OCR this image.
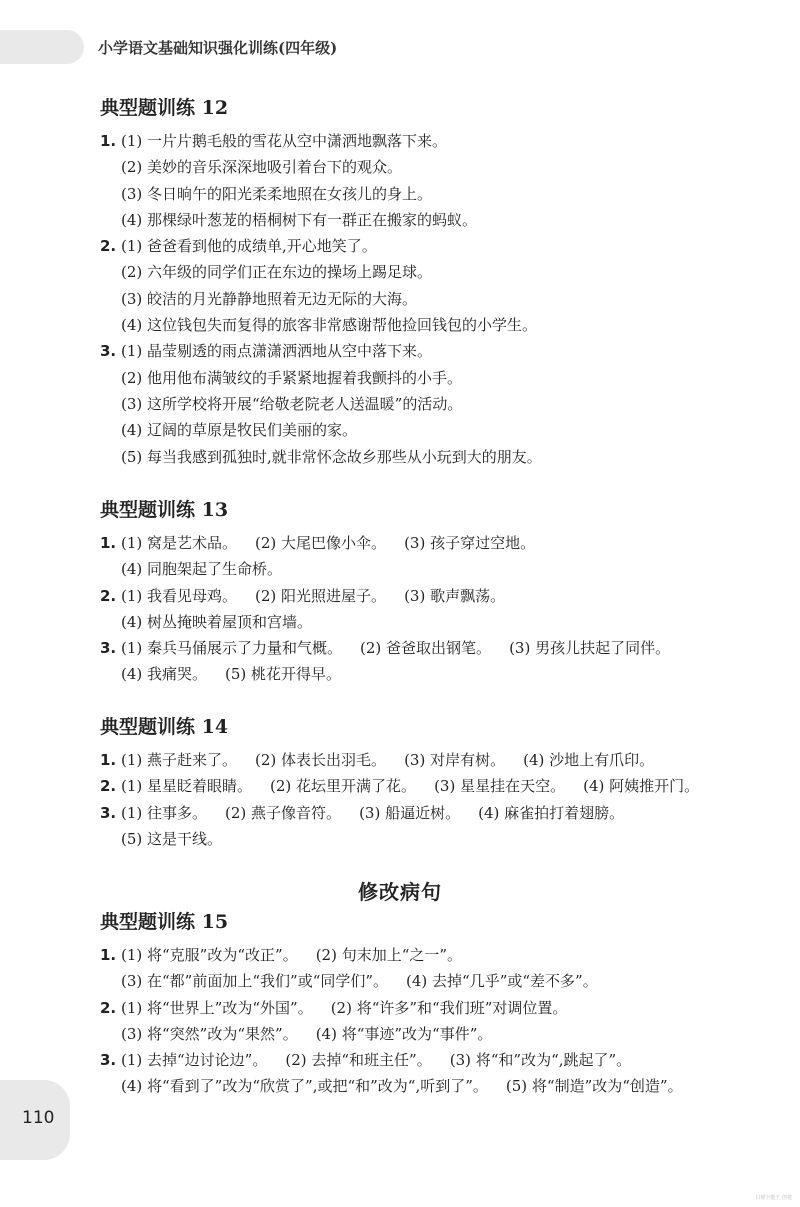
小学语文基础知识强化训练(四年级)
典型题训练 12
1. (1) 一片片鹅毛般的雪花从空中潇洒地飘落下来。
(2) 美妙的音乐深深地吸引着台下的观众。
(3) 冬日晌午的阳光柔柔地照在女孩儿的身上。
(4) 那棵绿叶葱茏的梧桐树下有一群正在搬家的蚂蚁。
2. (1) 爸爸看到他的成绩单,开心地笑了。
(2) 六年级的同学们正在东边的操场上踢足球。
(3) 皎洁的月光静静地照着无边无际的大海。
(4) 这位钱包失而复得的旅客非常感谢帮他捡回钱包的小学生。
3. (1) 晶莹剔透的雨点潇潇洒洒地从空中落下来。
(2) 他用他布满皱纹的手紧紧地握着我颤抖的小手。
(3) 这所学校将开展“给敬老院老人送温暖”的活动。
(4) 辽阔的草原是牧民们美丽的家。
(5) 每当我感到孤独时,就非常怀念故乡那些从小玩到大的朋友。
典型题训练 13
1. (1) 窝是艺术品。 (2) 大尾巴像小伞。 (3) 孩子穿过空地。
(4) 同胞架起了生命桥。
2. (1) 我看见母鸡。 (2) 阳光照进屋子。 (3) 歌声飘荡。
(4) 树丛掩映着屋顶和宫墙。
3. (1) 秦兵马俑展示了力量和气概。 (2) 爸爸取出钢笔。 (3) 男孩儿扶起了同伴。
(4) 我痛哭。 (5) 桃花开得早。
典型题训练 14
1. (1) 燕子赶来了。 (2) 体表长出羽毛。 (3) 对岸有树。 (4) 沙地上有爪印。
2. (1) 星星眨着眼睛。 (2) 花坛里开满了花。 (3) 星星挂在天空。 (4) 阿姨推开门。
3. (1) 往事多。 (2) 燕子像音符。 (3) 船逼近树。 (4) 麻雀拍打着翅膀。
(5) 这是干线。
修改病句
典型题训练 15
1. (1) 将“克服”改为“改正”。 (2) 句末加上“之一”。
(3) 在“都”前面加上“我们”或“同学们”。 (4) 去掉“几乎”或“差不多”。
2. (1) 将“世界上”改为“外国”。 (2) 将“许多”和“我们班”对调位置。
(3) 将“突然”改为“果然”。 (4) 将“事迹”改为“事件”。
3. (1) 去掉“边讨论边”。 (2) 去掉“和班主任”。 (3) 将“和”改为“,跳起了”。
(4) 将“看到了”改为“欣赏了”,或把“和”改为“,听到了”。 (5) 将“制造”改为“创造”。
110
扫描全能王 创建
